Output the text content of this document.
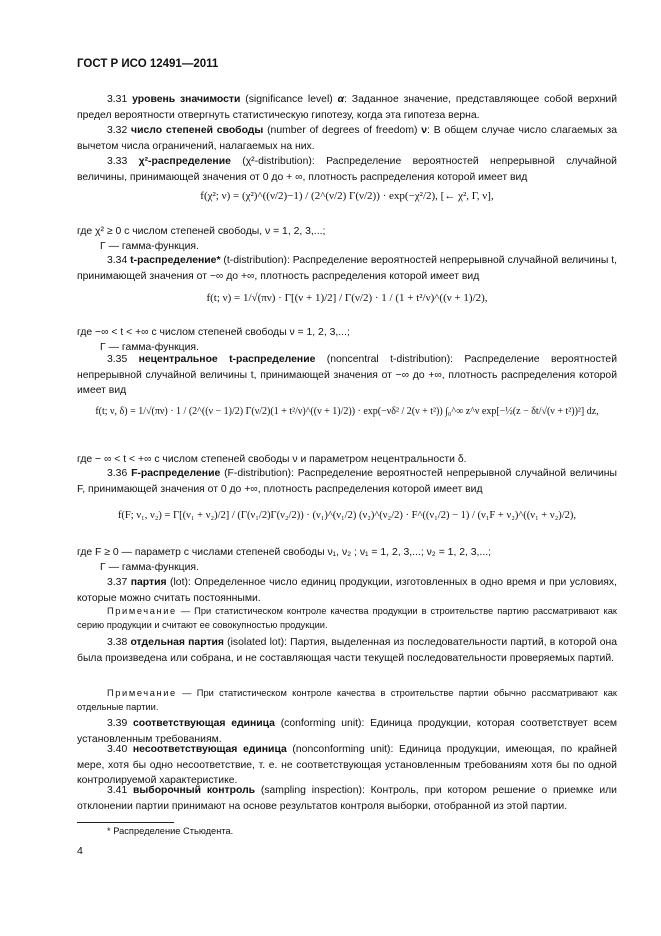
ГОСТ Р ИСО 12491—2011
3.31 уровень значимости (significance level) α: Заданное значение, представляющее собой верхний предел вероятности отвергнуть статистическую гипотезу, когда эта гипотеза верна.
3.32 число степеней свободы (number of degrees of freedom) ν: В общем случае число слагаемых за вычетом числа ограничений, налагаемых на них.
3.33 χ²-распределение (χ²-distribution): Распределение вероятностей непрерывной случайной величины, принимающей значения от 0 до + ∞, плотность распределения которой имеет вид
f(χ²; ν) = (χ²)^((ν/2)−1) / (2^(ν/2) Γ(ν/2)) · exp(−χ²/2), [← χ², Γ, ν],
где χ² ≥ 0 с числом степеней свободы, ν = 1, 2, 3,...;
Γ — гамма-функция.
3.34 t-распределение* (t-distribution): Распределение вероятностей непрерывной случайной величины t, принимающей значения от −∞ до +∞, плотность распределения которой имеет вид
f(t; ν) = 1/√(πν) · Γ[(ν + 1)/2] / Γ(ν/2) · 1 / (1 + t²/ν)^((ν + 1)/2),
где −∞ < t < +∞ с числом степеней свободы ν = 1, 2, 3,...;
Γ — гамма-функция.
3.35 нецентральное t-распределение (noncentral t-distribution): Распределение вероятностей непрерывной случайной величины t, принимающей значения от −∞ до +∞, плотность распределения которой имеет вид
f(t; ν, δ) = 1/√(πν) · 1 / (2^((ν − 1)/2) Γ(ν/2)(1 + t²/ν)^((ν + 1)/2)) · exp(−νδ² / 2(ν + t²)) ∫₀^∞ z^ν exp[−½(z − δt/√(ν + t²))²] dz,
где − ∞ < t < +∞ с числом степеней свободы ν и параметром нецентральности δ.
3.36 F-распределение (F-distribution): Распределение вероятностей непрерывной случайной величины F, принимающей значения от 0 до +∞, плотность распределения которой имеет вид
f(F; ν₁, ν₂) = Γ[(ν₁ + ν₂)/2] / (Γ(ν₁/2)Γ(ν₂/2)) · (ν₁)^(ν₁/2) (ν₂)^(ν₂/2) · F^((ν₁/2) − 1) / (ν₁F + ν₂)^((ν₁ + ν₂)/2),
где F ≥ 0 — параметр с числами степеней свободы ν₁, ν₂ ; ν₁ = 1, 2, 3,...; ν₂ = 1, 2, 3,...;
Γ — гамма-функция.
3.37 партия (lot): Определенное число единиц продукции, изготовленных в одно время и при условиях, которые можно считать постоянными.
Примечание — При статистическом контроле качества продукции в строительстве партию рассматривают как серию продукции и считают ее совокупностью продукции.
3.38 отдельная партия (isolated lot): Партия, выделенная из последовательности партий, в которой она была произведена или собрана, и не составляющая части текущей последовательности проверяемых партий.
Примечание — При статистическом контроле качества в строительстве партии обычно рассматривают как отдельные партии.
3.39 соответствующая единица (conforming unit): Единица продукции, которая соответствует всем установленным требованиям.
3.40 несоответствующая единица (nonconforming unit): Единица продукции, имеющая, по крайней мере, хотя бы одно несоответствие, т. е. не соответствующая установленным требованиям хотя бы по одной контролируемой характеристике.
3.41 выборочный контроль (sampling inspection): Контроль, при котором решение о приемке или отклонении партии принимают на основе результатов контроля выборки, отобранной из этой партии.
* Распределение Стьюдента.
4
